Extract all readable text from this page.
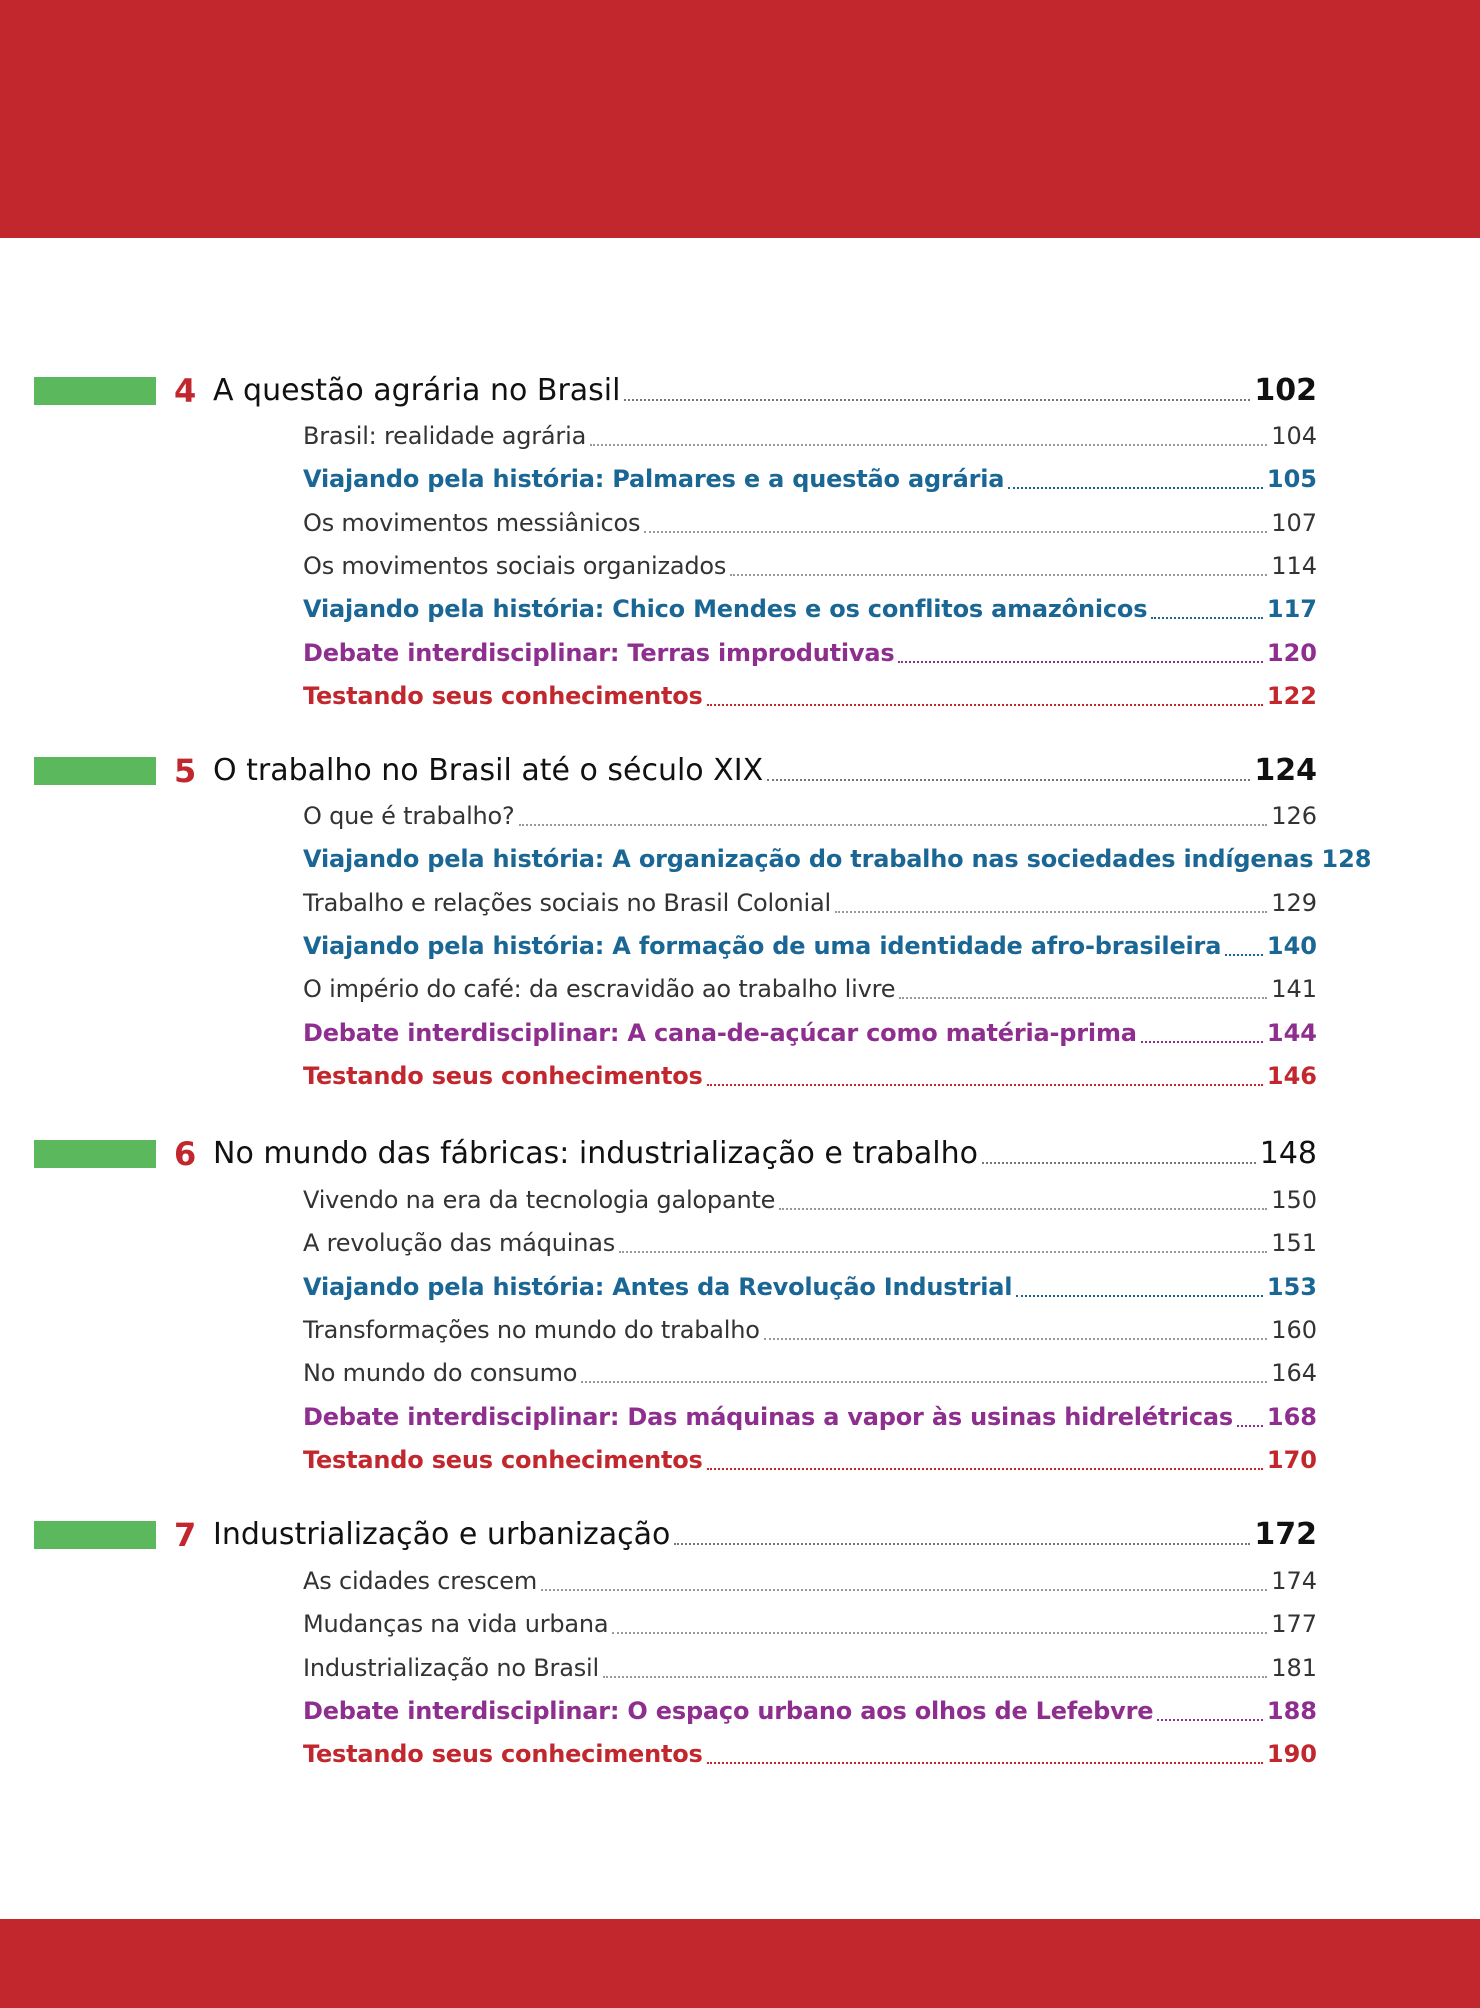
4 A questão agrária no Brasil	102
Brasil: realidade agrária	104
Viajando pela história: Palmares e a questão agrária	105
Os movimentos messiânicos	107
Os movimentos sociais organizados	114
Viajando pela história: Chico Mendes e os conflitos amazônicos	117
Debate interdisciplinar: Terras improdutivas	120
Testando seus conhecimentos	122
5 O trabalho no Brasil até o século XIX	124
O que é trabalho?	126
Viajando pela história: A organização do trabalho nas sociedades indígenas 128
Trabalho e relações sociais no Brasil Colonial	129
Viajando pela história: A formação de uma identidade afro-brasileira 140
O império do café: da escravidão ao trabalho livre	141
Debate interdisciplinar: A cana-de-açúcar como matéria-prima	144
Testando seus conhecimentos	146
6 No mundo das fábricas: industrialização e trabalho	148
Vivendo na era da tecnologia galopante	150
A revolução das máquinas	151
Viajando pela história: Antes da Revolução Industrial	153
Transformações no mundo do trabalho	160
No mundo do consumo	164
Debate interdisciplinar: Das máquinas a vapor às usinas hidrelétricas 168
Testando seus conhecimentos	170
7 Industrialização e urbanização	172
As cidades crescem	174
Mudanças na vida urbana	177
Industrialização no Brasil	181
Debate interdisciplinar: O espaço urbano aos olhos de Lefebvre	188
Testando seus conhecimentos	190
